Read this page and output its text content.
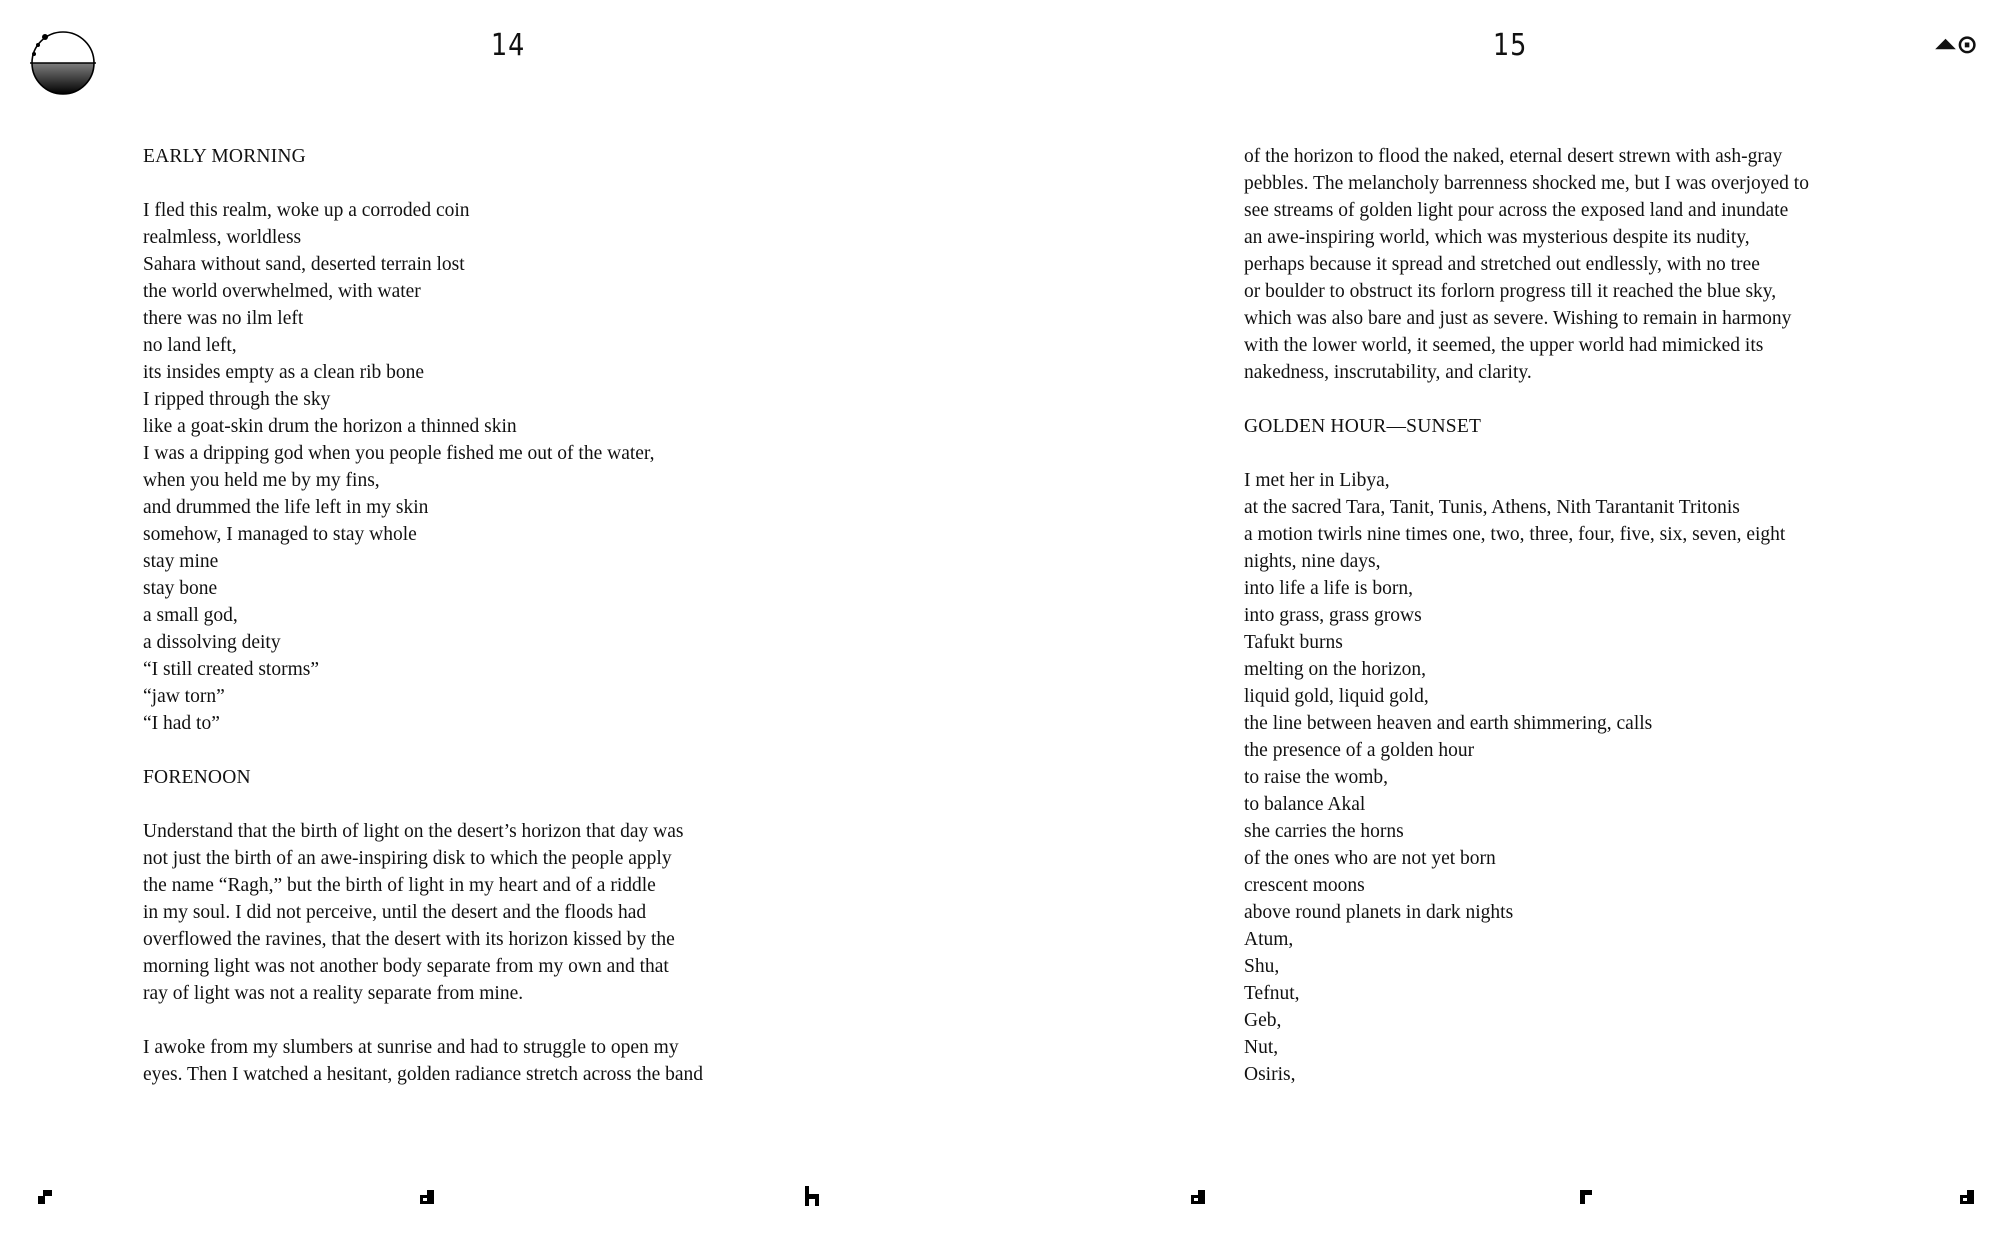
14	15	⏶⊙
EARLY MORNING
I fled this realm, woke up a corroded coin
realmless, worldless
Sahara without sand, deserted terrain lost
the world overwhelmed, with water
there was no ilm left
no land left,
its insides empty as a clean rib bone
I ripped through the sky
like a goat-skin drum the horizon a thinned skin
I was a dripping god when you people fished me out of the water,
when you held me by my fins,
and drummed the life left in my skin
somehow, I managed to stay whole
stay mine
stay bone
a small god,
a dissolving deity
“I still created storms”
“jaw torn”
“I had to”
FORENOON
Understand that the birth of light on the desert’s horizon that day was
not just the birth of an awe-inspiring disk to which the people apply
the name “Ragh,” but the birth of light in my heart and of a riddle
in my soul. I did not perceive, until the desert and the floods had
overflowed the ravines, that the desert with its horizon kissed by the
morning light was not another body separate from my own and that
ray of light was not a reality separate from mine.
I awoke from my slumbers at sunrise and had to struggle to open my
eyes. Then I watched a hesitant, golden radiance stretch across the band
of the horizon to flood the naked, eternal desert strewn with ash-gray
pebbles. The melancholy barrenness shocked me, but I was overjoyed to
see streams of golden light pour across the exposed land and inundate
an awe-inspiring world, which was mysterious despite its nudity,
perhaps because it spread and stretched out endlessly, with no tree
or boulder to obstruct its forlorn progress till it reached the blue sky,
which was also bare and just as severe. Wishing to remain in harmony
with the lower world, it seemed, the upper world had mimicked its
nakedness, inscrutability, and clarity.
GOLDEN HOUR—SUNSET
I met her in Libya,
at the sacred Tara, Tanit, Tunis, Athens, Nith Tarantanit Tritonis
a motion twirls nine times one, two, three, four, five, six, seven, eight
nights, nine days,
into life a life is born,
into grass, grass grows
Tafukt burns
melting on the horizon,
liquid gold, liquid gold,
the line between heaven and earth shimmering, calls
the presence of a golden hour
to raise the womb,
to balance Akal
she carries the horns
of the ones who are not yet born
crescent moons
above round planets in dark nights
Atum,
Shu,
Tefnut,
Geb,
Nut,
Osiris,
